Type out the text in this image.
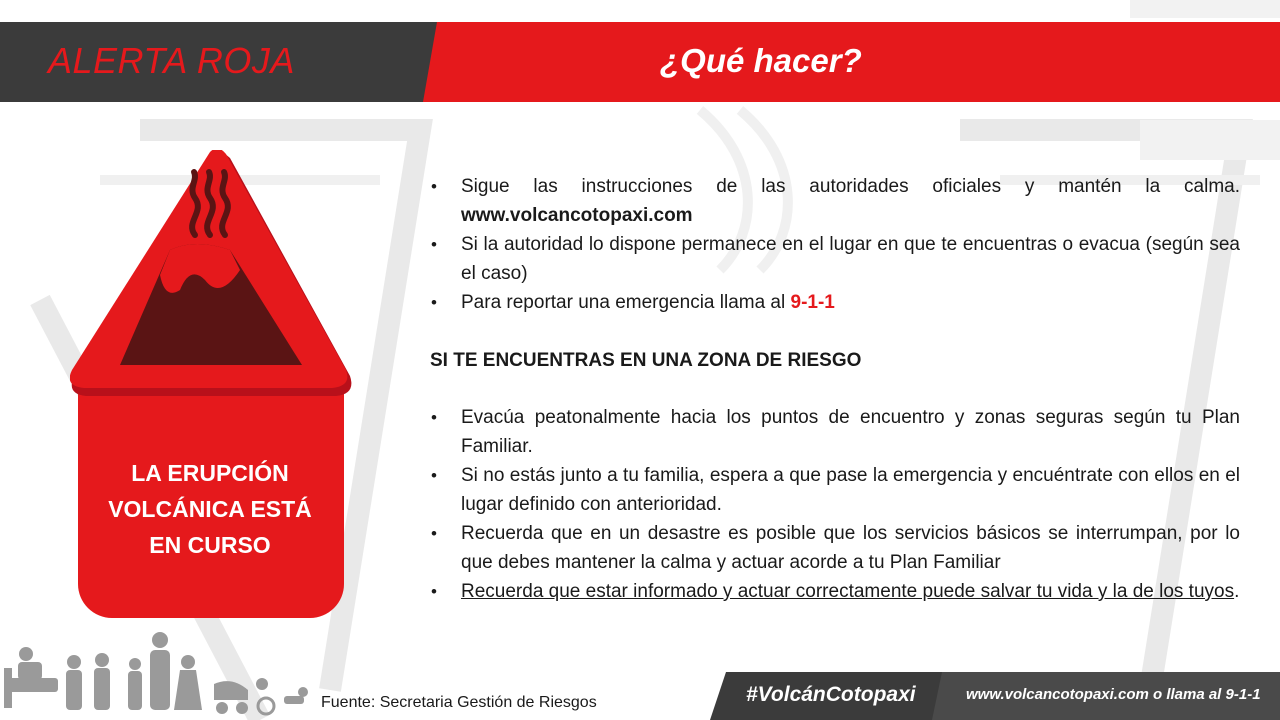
ALERTA ROJA	¿Qué hacer?
LA ERUPCIÓN
VOLCÁNICA ESTÁ
EN CURSO
• Sigue las instrucciones de las autoridades oficiales y mantén la calma. www.volcancotopaxi.com
• Si la autoridad lo dispone permanece en el lugar en que te encuentras o evacua (según sea el caso)
• Para reportar una emergencia llama al 9-1-1
SI TE ENCUENTRAS EN UNA ZONA DE RIESGO
• Evacúa peatonalmente hacia los puntos de encuentro y zonas seguras según tu Plan Familiar.
• Si no estás junto a tu familia, espera a que pase la emergencia y encuéntrate con ellos en el lugar definido con anterioridad.
• Recuerda que en un desastre es posible que los servicios básicos se interrumpan, por lo que debes mantener la calma y actuar acorde a tu Plan Familiar
• Recuerda que estar informado y actuar correctamente puede salvar tu vida y la de los tuyos.
Fuente: Secretaria Gestión de Riesgos	#VolcánCotopaxi	www.volcancotopaxi.com o llama al 9-1-1
